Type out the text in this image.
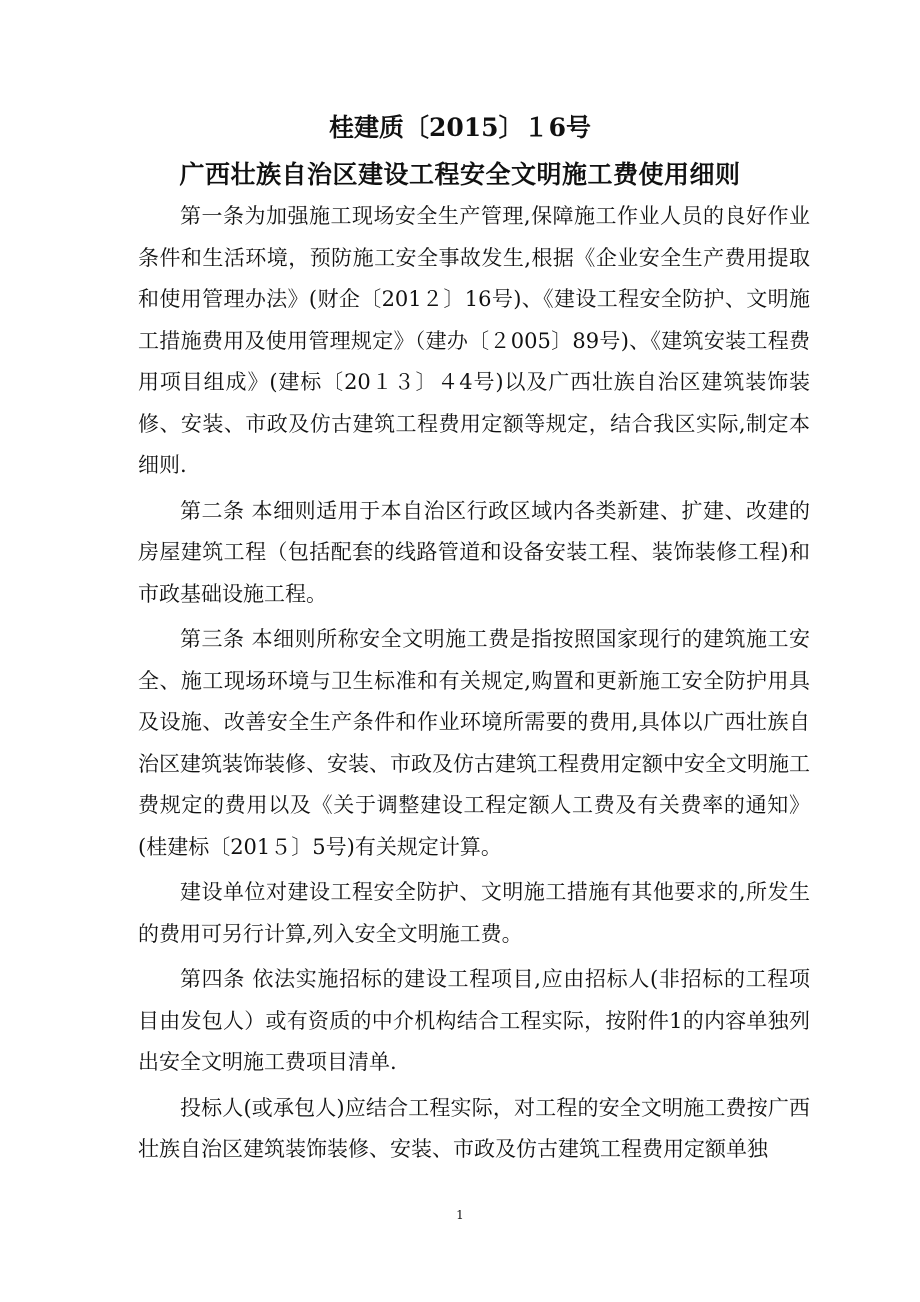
桂建质〔2015〕１6号
广西壮族自治区建设工程安全文明施工费使用细则

第一条为加强施工现场安全生产管理,保障施工作业人员的良好作业条件和生活环境，预防施工安全事故发生,根据《企业安全生产费用提取和使用管理办法》(财企〔201２〕16号)、《建设工程安全防护、文明施工措施费用及使用管理规定》（建办〔２005〕89号)、《建筑安装工程费用项目组成》(建标〔20１３〕４4号)以及广西壮族自治区建筑装饰装修、安装、市政及仿古建筑工程费用定额等规定，结合我区实际,制定本细则.

第二条 本细则适用于本自治区行政区域内各类新建、扩建、改建的房屋建筑工程（包括配套的线路管道和设备安装工程、装饰装修工程)和市政基础设施工程。

第三条 本细则所称安全文明施工费是指按照国家现行的建筑施工安全、施工现场环境与卫生标准和有关规定,购置和更新施工安全防护用具及设施、改善安全生产条件和作业环境所需要的费用,具体以广西壮族自治区建筑装饰装修、安装、市政及仿古建筑工程费用定额中安全文明施工费规定的费用以及《关于调整建设工程定额人工费及有关费率的通知》(桂建标〔201５〕5号)有关规定计算。

建设单位对建设工程安全防护、文明施工措施有其他要求的,所发生的费用可另行计算,列入安全文明施工费。

第四条 依法实施招标的建设工程项目,应由招标人(非招标的工程项目由发包人）或有资质的中介机构结合工程实际，按附件1的内容单独列出安全文明施工费项目清单.

投标人(或承包人)应结合工程实际，对工程的安全文明施工费按广西壮族自治区建筑装饰装修、安装、市政及仿古建筑工程费用定额单独

1
